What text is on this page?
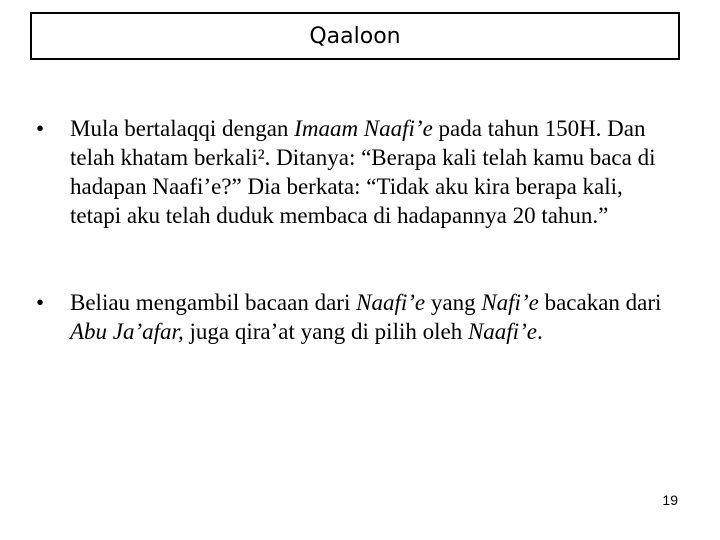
Qaaloon
•	Mula bertalaqqi dengan Imaam Naafi’e pada tahun 150H. Dan telah khatam berkali². Ditanya: “Berapa kali telah kamu baca di hadapan Naafi’e?” Dia berkata: “Tidak aku kira berapa kali, tetapi aku telah duduk membaca di hadapannya 20 tahun.”
•	Beliau mengambil bacaan dari Naafi’e yang Nafi’e bacakan dari Abu Ja’afar, juga qira’at yang di pilih oleh Naafi’e.
19
